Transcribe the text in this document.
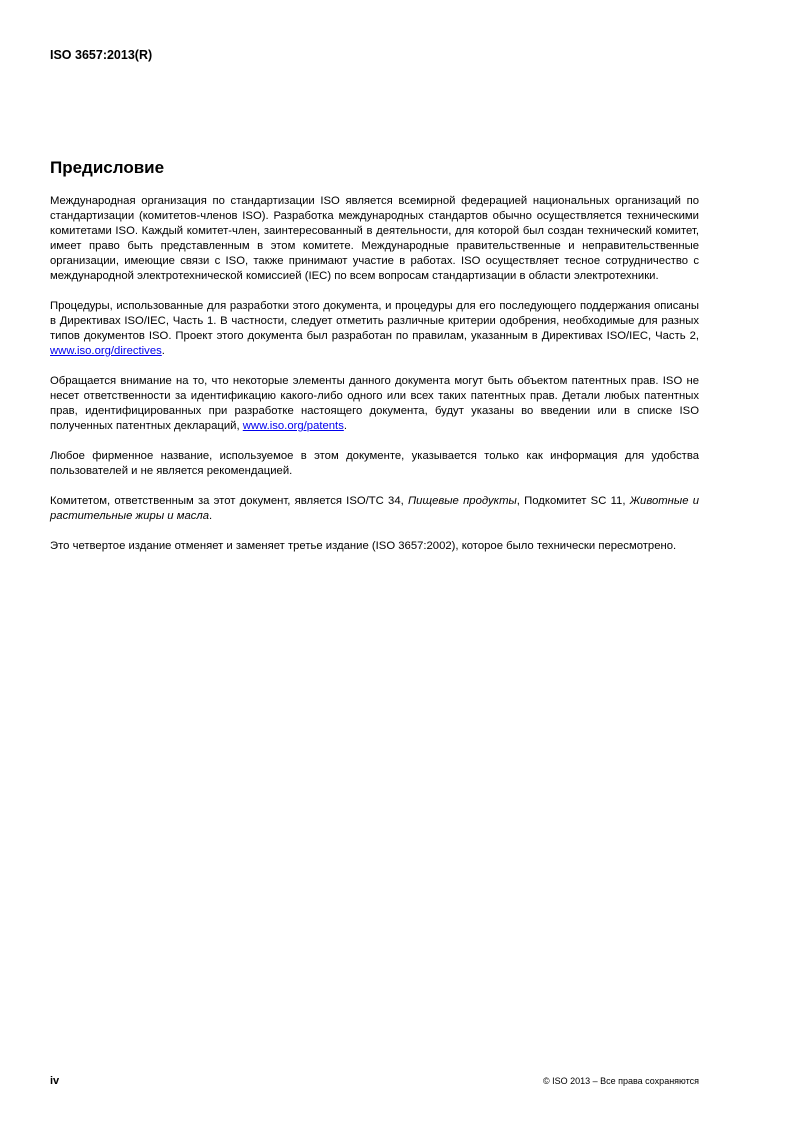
ISO 3657:2013(R)
Предисловие

Международная организация по стандартизации ISO является всемирной федерацией национальных организаций по стандартизации (комитетов-членов ISO). Разработка международных стандартов обычно осуществляется техническими комитетами ISO. Каждый комитет-член, заинтересованный в деятельности, для которой был создан технический комитет, имеет право быть представленным в этом комитете. Международные правительственные и неправительственные организации, имеющие связи с ISO, также принимают участие в работах. ISO осуществляет тесное сотрудничество с международной электротехнической комиссией (IEC) по всем вопросам стандартизации в области электротехники.

Процедуры, использованные для разработки этого документа, и процедуры для его последующего поддержания описаны в Директивах ISO/IEC, Часть 1. В частности, следует отметить различные критерии одобрения, необходимые для разных типов документов ISO. Проект этого документа был разработан по правилам, указанным в Директивах ISO/IEC, Часть 2, www.iso.org/directives.

Обращается внимание на то, что некоторые элементы данного документа могут быть объектом патентных прав. ISO не несет ответственности за идентификацию какого-либо одного или всех таких патентных прав. Детали любых патентных прав, идентифицированных при разработке настоящего документа, будут указаны во введении или в списке ISO полученных патентных деклараций, www.iso.org/patents.

Любое фирменное название, используемое в этом документе, указывается только как информация для удобства пользователей и не является рекомендацией.

Комитетом, ответственным за этот документ, является ISO/TC 34, Пищевые продукты, Подкомитет SC 11, Животные и растительные жиры и масла.

Это четвертое издание отменяет и заменяет третье издание (ISO 3657:2002), которое было технически пересмотрено.

iv	© ISO 2013 – Все права сохраняются
